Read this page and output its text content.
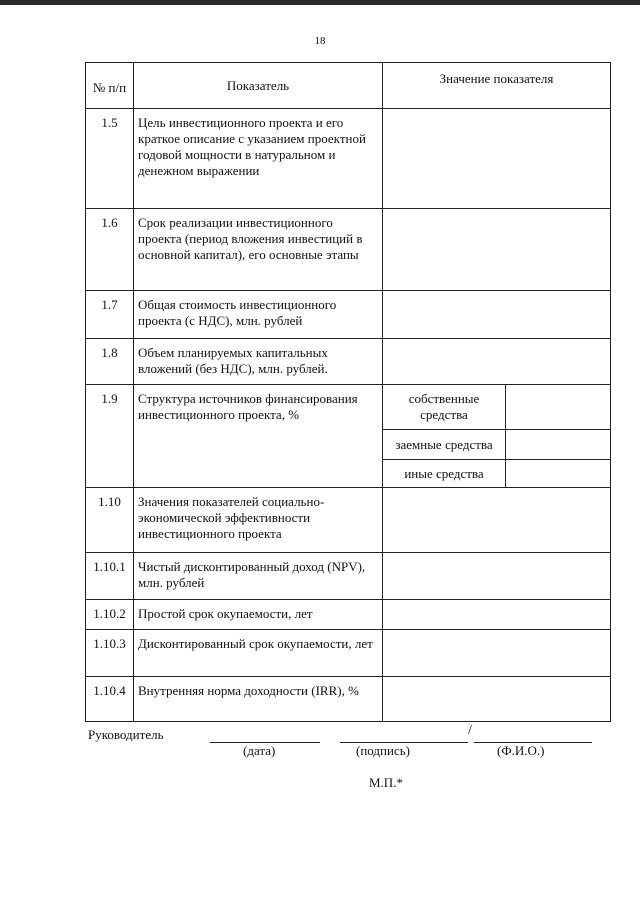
18
№ п/п	Показатель	Значение показателя	
1.5	Цель инвестиционного проекта и его краткое описание с указанием проектной годовой мощности в натуральном и денежном выражении		
1.6	Срок реализации инвестиционного проекта (период вложения инвестиций в основной капитал), его основные этапы		
1.7	Общая стоимость инвестиционного проекта (с НДС), млн. рублей		
1.8	Объем планируемых капитальных вложений (без НДС), млн. рублей.		
1.9	Структура источников финансирования инвестиционного проекта, %	собственные средства	
		заемные средства	
		иные средства	
1.10	Значения показателей социально-экономической эффективности инвестиционного проекта		
1.10.1	Чистый дисконтированный доход (NPV), млн. рублей		
1.10.2	Простой срок окупаемости, лет		
1.10.3	Дисконтированный срок окупаемости, лет		
1.10.4	Внутренняя норма доходности (IRR), %		
Руководитель	/
(дата)	(подпись)	(Ф.И.О.)
М.П.*
